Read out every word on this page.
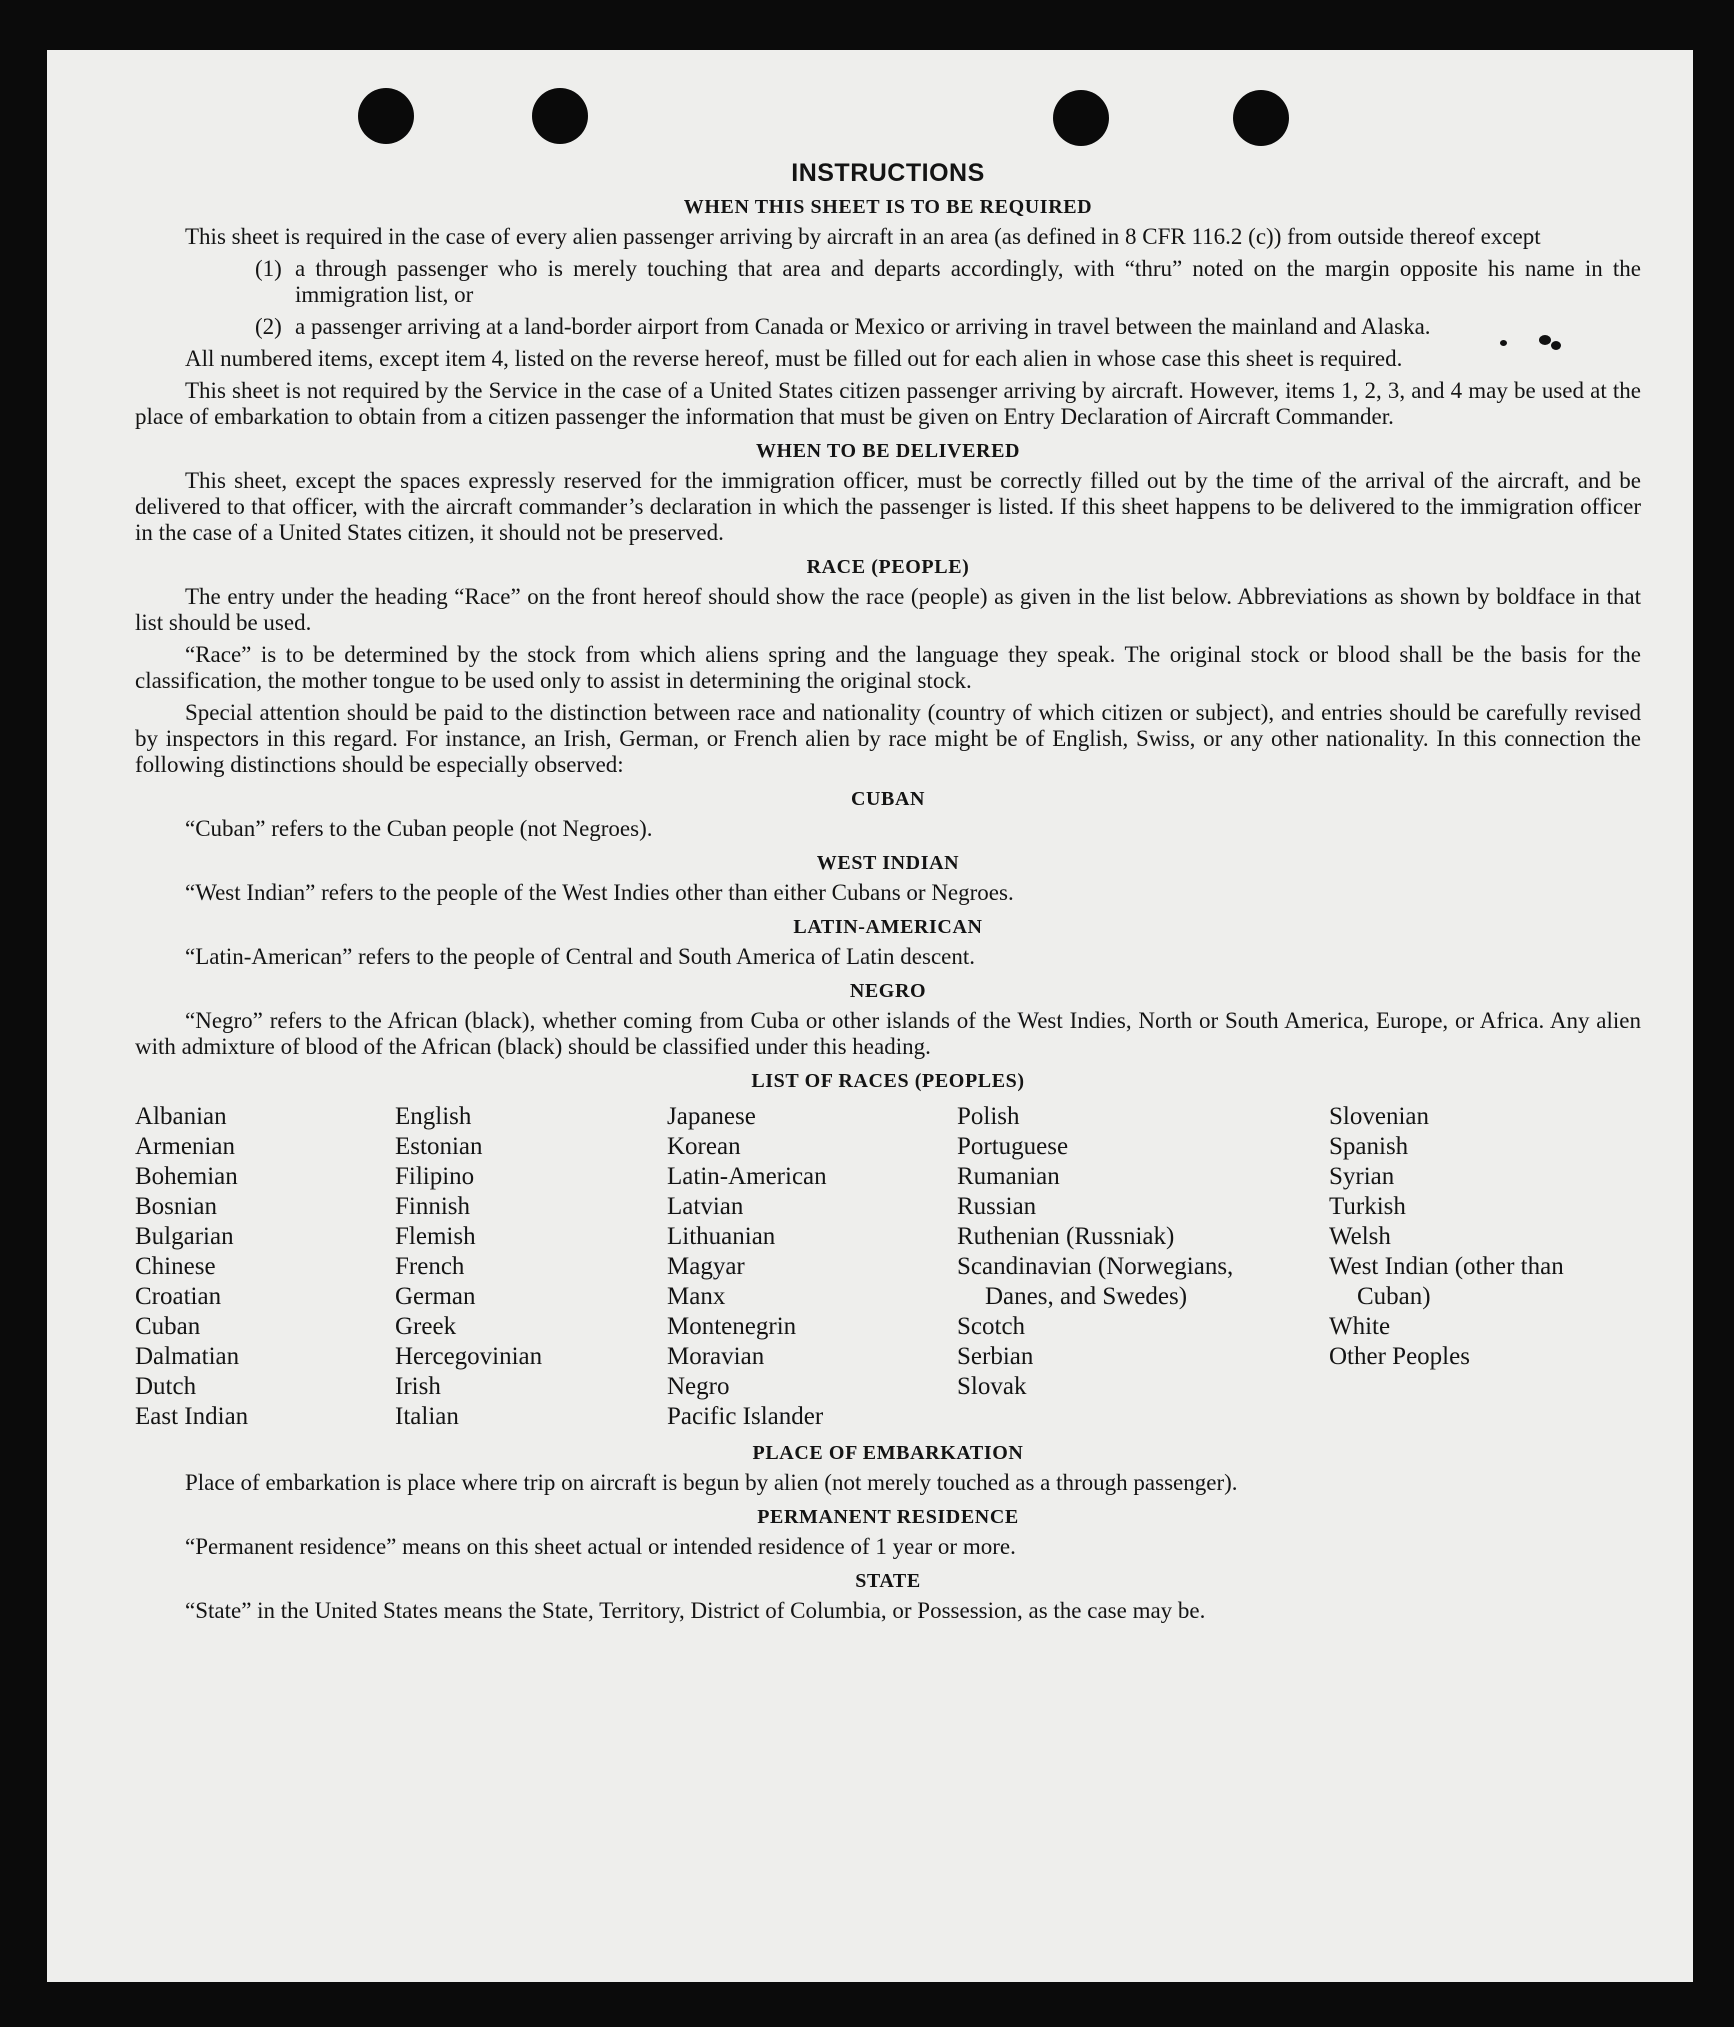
INSTRUCTIONS
WHEN THIS SHEET IS TO BE REQUIRED

This sheet is required in the case of every alien passenger arriving by aircraft in an area (as defined in 8 CFR 116.2 (c)) from outside thereof except

(1) a through passenger who is merely touching that area and departs accordingly, with “thru” noted on the margin opposite his name in the immigration list, or
(2) a passenger arriving at a land-border airport from Canada or Mexico or arriving in travel between the mainland and Alaska.

All numbered items, except item 4, listed on the reverse hereof, must be filled out for each alien in whose case this sheet is required.

This sheet is not required by the Service in the case of a United States citizen passenger arriving by aircraft. However, items 1, 2, 3, and 4 may be used at the place of embarkation to obtain from a citizen passenger the information that must be given on Entry Declaration of Aircraft Commander.

WHEN TO BE DELIVERED

This sheet, except the spaces expressly reserved for the immigration officer, must be correctly filled out by the time of the arrival of the aircraft, and be delivered to that officer, with the aircraft commander’s declaration in which the passenger is listed. If this sheet happens to be delivered to the immigration officer in the case of a United States citizen, it should not be preserved.

RACE (PEOPLE)

The entry under the heading “Race” on the front hereof should show the race (people) as given in the list below. Abbreviations as shown by boldface in that list should be used.

“Race” is to be determined by the stock from which aliens spring and the language they speak. The original stock or blood shall be the basis for the classification, the mother tongue to be used only to assist in determining the original stock.

Special attention should be paid to the distinction between race and nationality (country of which citizen or subject), and entries should be carefully revised by inspectors in this regard. For instance, an Irish, German, or French alien by race might be of English, Swiss, or any other nationality. In this connection the following distinctions should be especially observed:

CUBAN

“Cuban” refers to the Cuban people (not Negroes).

WEST INDIAN

“West Indian” refers to the people of the West Indies other than either Cubans or Negroes.

LATIN-AMERICAN

“Latin-American” refers to the people of Central and South America of Latin descent.

NEGRO

“Negro” refers to the African (black), whether coming from Cuba or other islands of the West Indies, North or South America, Europe, or Africa. Any alien with admixture of blood of the African (black) should be classified under this heading.

LIST OF RACES (PEOPLES)
Albanian
Armenian
Bohemian
Bosnian
Bulgarian
Chinese
Croatian
Cuban
Dalmatian
Dutch
East Indian
English
Estonian
Filipino
Finnish
Flemish
French
German
Greek
Hercegovinian
Irish
Italian
Japanese
Korean
Latin-American
Latvian
Lithuanian
Magyar
Manx
Montenegrin
Moravian
Negro
Pacific Islander
Polish
Portuguese
Rumanian
Russian
Ruthenian (Russniak)
Scandinavian (Norwegians, Danes, and Swedes)
Scotch
Serbian
Slovak
Slovenian
Spanish
Syrian
Turkish
Welsh
West Indian (other than Cuban)
White
Other Peoples
PLACE OF EMBARKATION

Place of embarkation is place where trip on aircraft is begun by alien (not merely touched as a through passenger).

PERMANENT RESIDENCE

“Permanent residence” means on this sheet actual or intended residence of 1 year or more.

STATE

“State” in the United States means the State, Territory, District of Columbia, or Possession, as the case may be.
